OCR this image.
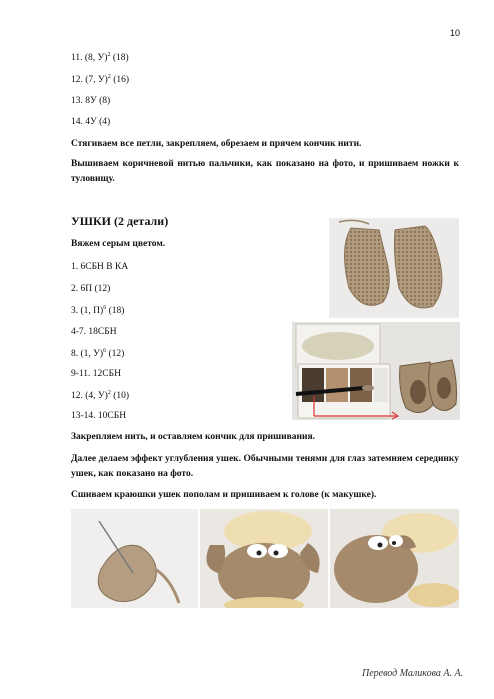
10
11. (8, У)$^2$ (18)
12. (7, У)$^2$ (16)
13. 8У (8)
14. 4У (4)
Стягиваем все петли, закрепляем, обрезаем и прячем кончик нити.
Вышиваем коричневой нитью пальчики, как показано на фото, и пришиваем ножки к туловищу.
УШКИ (2 детали)
Вяжем серым цветом.
1. 6СБН В КА
2. 6П (12)
3. (1, П)$^6$ (18)
4-7. 18СБН
8. (1, У)$^6$ (12)
9-11. 12СБН
12. (4, У)$^2$ (10)
13-14. 10СБН
Закрепляем нить, и оставляем кончик для пришивания.
Далее делаем эффект углубления ушек. Обычными тенями для глаз затемняем серединку ушек, как показано на фото.
Сшиваем краюшки ушек пополам и пришиваем к голове (к макушке).
Перевод Маликова А. А.
